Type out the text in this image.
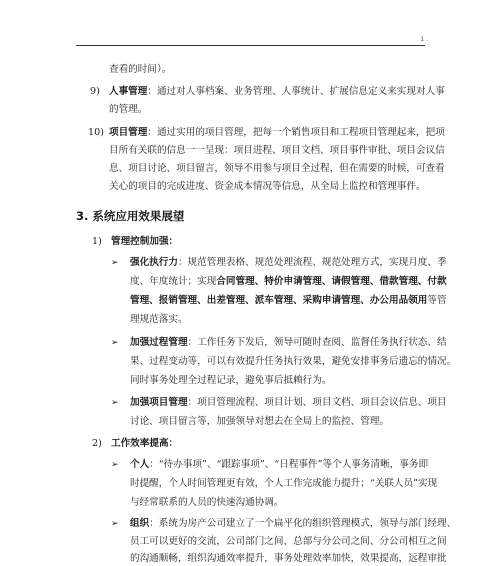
1 .
查看的时间）。
9) 人事管理：通过对人事档案、业务管理、人事统计、扩展信息定义来实现对人事
的管理。
10) 项目管理：通过实用的项目管理，把每一个销售项目和工程项目管理起来，把项
目所有关联的信息一一呈现：项目进程、项目文档、项目事件审批、项目会议信
息、项目讨论、项目留言，领导不用参与项目全过程，但在需要的时候，可查看
关心的项目的完成进度、资金成本情况等信息，从全局上监控和管理事件。
3. 系统应用效果展望
1) 管理控制加强：
➢ 强化执行力：规范管理表格、规范处理流程、规范处理方式，实现月度、季
度、年度统计；实现合同管理、特价申请管理、请假管理、借款管理、付款
管理、报销管理、出差管理、派车管理、采购申请管理、办公用品领用等管
理规范落实。
➢ 加强过程管理：工作任务下发后，领导可随时查阅、监督任务执行状态、结
果、过程变动等，可以有效提升任务执行效果，避免安排事务后遗忘的情况。
同时事务处理全过程记录，避免事后抵赖行为。
➢ 加强项目管理：项目管理流程、项目计划、项目文档、项目会议信息、项目
讨论、项目留言等，加强领导对想去在全局上的监控、管理。
2) 工作效率提高：
➢ 个人：“待办事项”、“跟踪事项”、“日程事件”等个人事务清晰，事务即
时提醒，个人时间管理更有效，个人工作完成能力提升；“关联人员”实现
与经常联系的人员的快速沟通协调。
➢ 组织：系统为房产公司建立了一个扁平化的组织管理模式，领导与部门经理、
员工可以更好的交流，公司部门之间、总部与分公司之间、分公司相互之间
的沟通顺畅，组织沟通效率提升，事务处理效率加快，效果提高，远程审批
